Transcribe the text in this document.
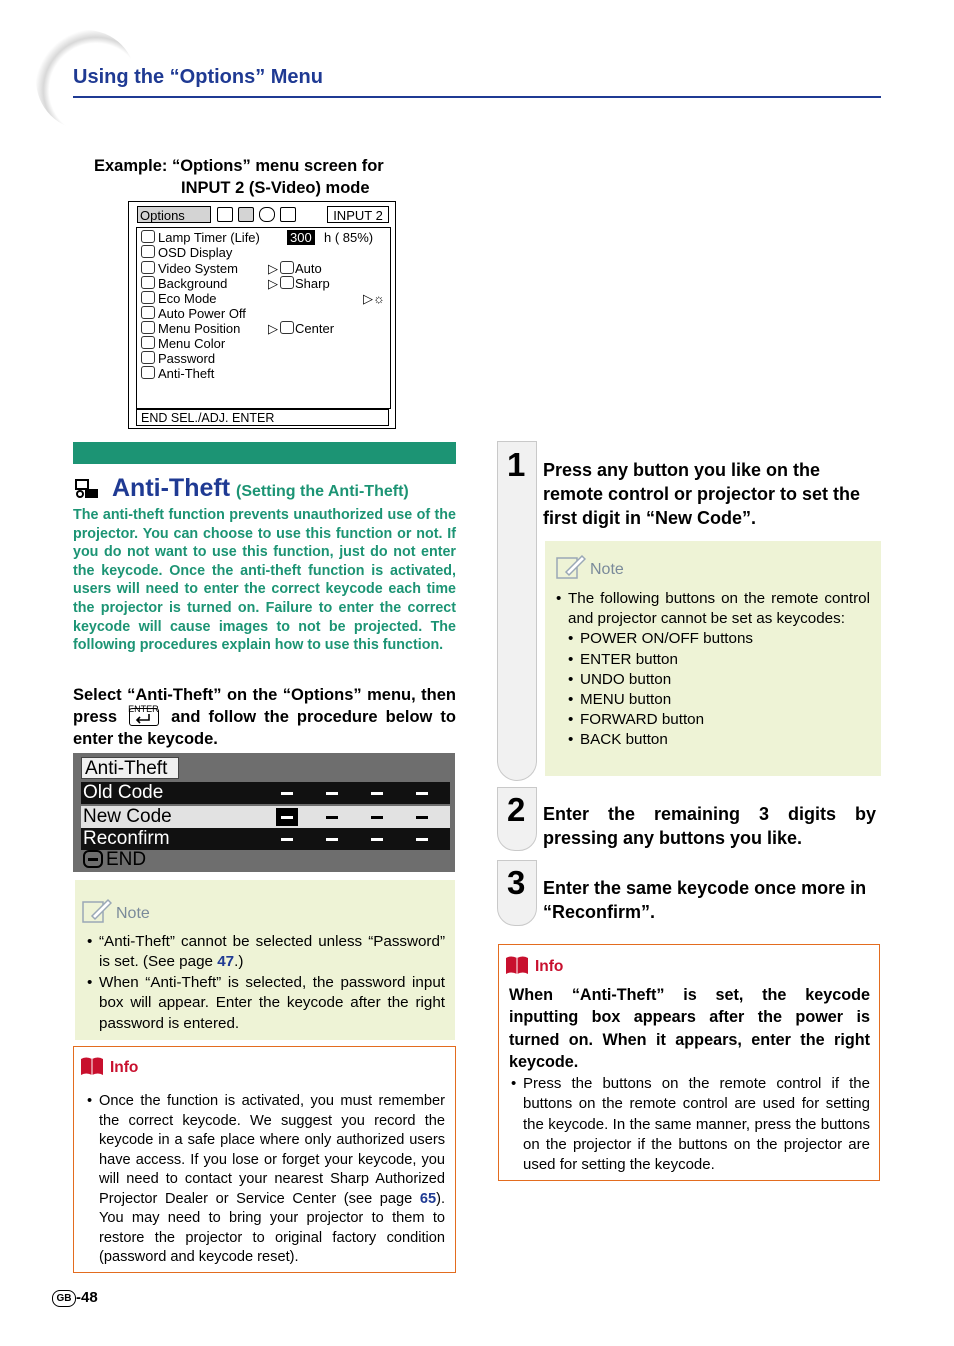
Using the “Options” Menu
Example: “Options” menu screen for
INPUT 2 (S-Video) mode
Options	INPUT 2
Lamp Timer (Life) 300 h ( 85%)
OSD Display
Video System ▷ Auto
Background	▷ Sharp
Eco Mode	▷☼
Auto Power Off
Menu Position ▷ Center
Menu Color
Password
Anti-Theft
END SEL./ADJ. ENTER
Anti-Theft (Setting the Anti-Theft)
The anti-theft function prevents unauthorized use of the projector. You can choose to use this function or not. If you do not want to use this function, just do not enter the keycode. Once the anti-theft function is activated, users will need to enter the correct keycode each time the projector is turned on. Failure to enter the correct keycode will cause images to not be projected. The following procedures explain how to use this function.
Select “Anti-Theft” on the “Options” menu, then press ENTER and follow the procedure below to enter the keycode.
Anti-Theft
Old Code
New Code
Reconfirm
END
Note
• “Anti-Theft” cannot be selected unless “Password” is set. (See page 47.)
• When “Anti-Theft” is selected, the password input box will appear. Enter the keycode after the right password is entered.
Info
• Once the function is activated, you must remember the correct keycode. We suggest you record the keycode in a safe place where only authorized users have access. If you lose or forget your keycode, you will need to contact your nearest Sharp Authorized Projector Dealer or Service Center (see page 65). You may need to bring your projector to them to restore the projector to original factory condition (password and keycode reset).
1 Press any button you like on the remote control or projector to set the first digit in “New Code”.
Note
• The following buttons on the remote control and projector cannot be set as keycodes:
• POWER ON/OFF buttons
• ENTER button
• UNDO button
• MENU button
• FORWARD button
• BACK button
2 Enter the remaining 3 digits by pressing any buttons you like.
3 Enter the same keycode once more in “Reconfirm”.
Info
When “Anti-Theft” is set, the keycode inputting box appears after the power is turned on. When it appears, enter the right keycode.
• Press the buttons on the remote control if the buttons on the remote control are used for setting the keycode. In the same manner, press the buttons on the projector if the buttons on the projector are used for setting the keycode.
GB -48
